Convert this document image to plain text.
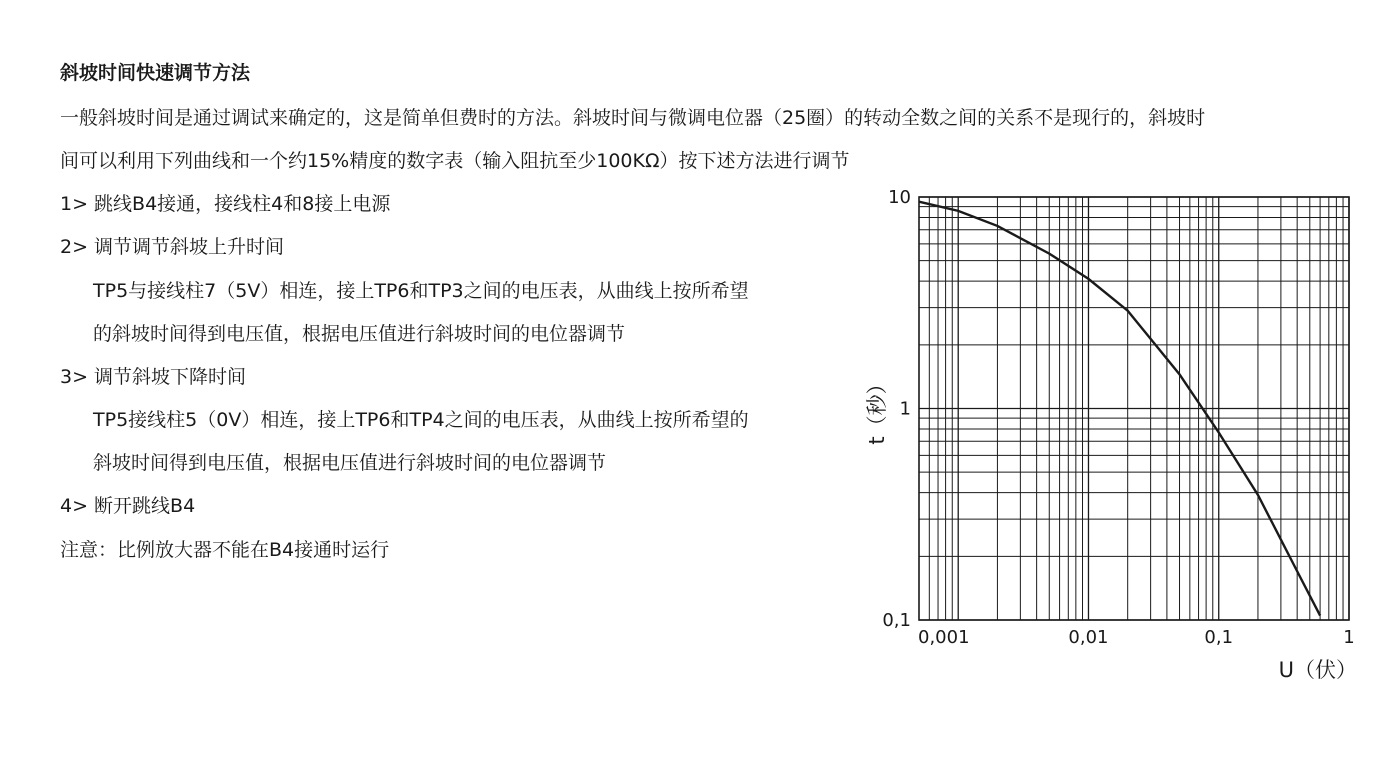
斜坡时间快速调节方法
一般斜坡时间是通过调试来确定的，这是简单但费时的方法。斜坡时间与微调电位器（25圈）的转动全数之间的关系不是现行的，斜坡时
间可以利用下列曲线和一个约15%精度的数字表（输入阻抗至少100KΩ）按下述方法进行调节
1> 跳线B4接通，接线柱4和8接上电源
2> 调节调节斜坡上升时间
TP5与接线柱7（5V）相连，接上TP6和TP3之间的电压表，从曲线上按所希望
的斜坡时间得到电压值，根据电压值进行斜坡时间的电位器调节
3> 调节斜坡下降时间
TP5接线柱5（0V）相连，接上TP6和TP4之间的电压表，从曲线上按所希望的
斜坡时间得到电压值，根据电压值进行斜坡时间的电位器调节
4> 断开跳线B4
注意：比例放大器不能在B4接通时运行
0,001	0,01	0,1	1
10
1
0,1
U（伏）
t（秒）
